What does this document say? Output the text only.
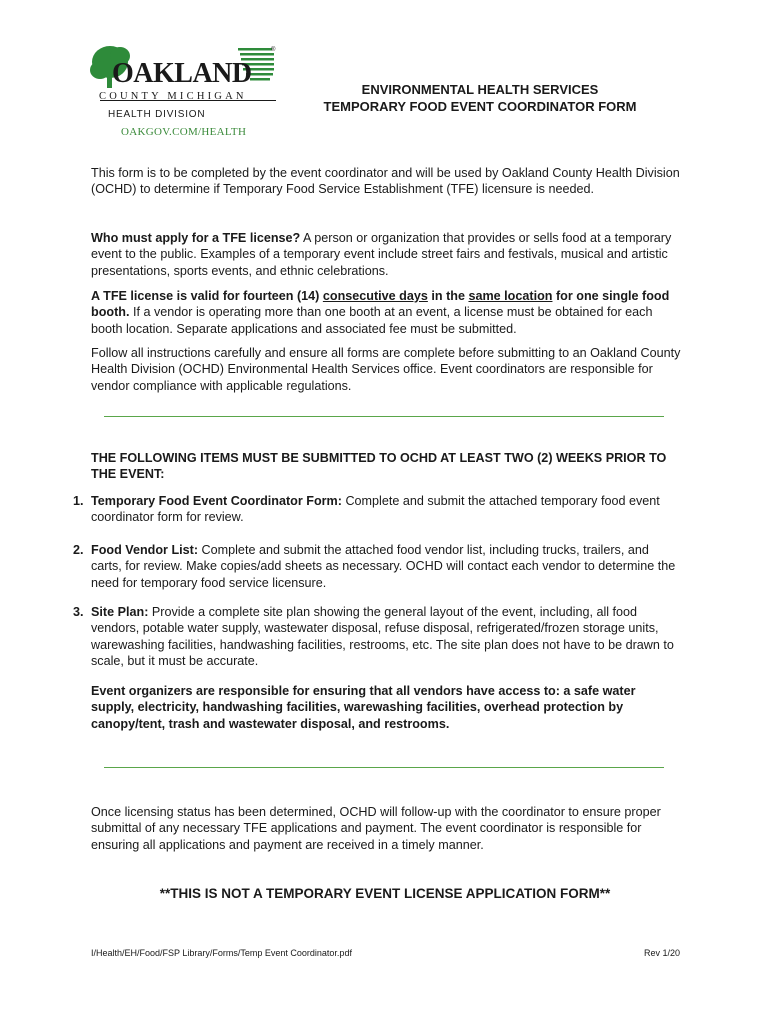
®
OAKLAND
COUNTY MICHIGAN
HEALTH DIVISION
OAKGOV.COM/HEALTH
ENVIRONMENTAL HEALTH SERVICES
TEMPORARY FOOD EVENT COORDINATOR FORM
This form is to be completed by the event coordinator and will be used by Oakland County Health Division (OCHD) to determine if Temporary Food Service Establishment (TFE) licensure is needed.
Who must apply for a TFE license? A person or organization that provides or sells food at a temporary event to the public. Examples of a temporary event include street fairs and festivals, musical and artistic presentations, sports events, and ethnic celebrations.
A TFE license is valid for fourteen (14) consecutive days in the same location for one single food booth. If a vendor is operating more than one booth at an event, a license must be obtained for each booth location. Separate applications and associated fee must be submitted.
Follow all instructions carefully and ensure all forms are complete before submitting to an Oakland County Health Division (OCHD) Environmental Health Services office. Event coordinators are responsible for vendor compliance with applicable regulations.
THE FOLLOWING ITEMS MUST BE SUBMITTED TO OCHD AT LEAST TWO (2) WEEKS PRIOR TO THE EVENT:
1. Temporary Food Event Coordinator Form: Complete and submit the attached temporary food event coordinator form for review.
2. Food Vendor List: Complete and submit the attached food vendor list, including trucks, trailers, and carts, for review. Make copies/add sheets as necessary. OCHD will contact each vendor to determine the need for temporary food service licensure.
3. Site Plan: Provide a complete site plan showing the general layout of the event, including, all food vendors, potable water supply, wastewater disposal, refuse disposal, refrigerated/frozen storage units, warewashing facilities, handwashing facilities, restrooms, etc. The site plan does not have to be drawn to scale, but it must be accurate.
Event organizers are responsible for ensuring that all vendors have access to: a safe water supply, electricity, handwashing facilities, warewashing facilities, overhead protection by canopy/tent, trash and wastewater disposal, and restrooms.
Once licensing status has been determined, OCHD will follow-up with the coordinator to ensure proper submittal of any necessary TFE applications and payment. The event coordinator is responsible for ensuring all applications and payment are received in a timely manner.
**THIS IS NOT A TEMPORARY EVENT LICENSE APPLICATION FORM**
I/Health/EH/Food/FSP Library/Forms/Temp Event Coordinator.pdf	Rev 1/20
